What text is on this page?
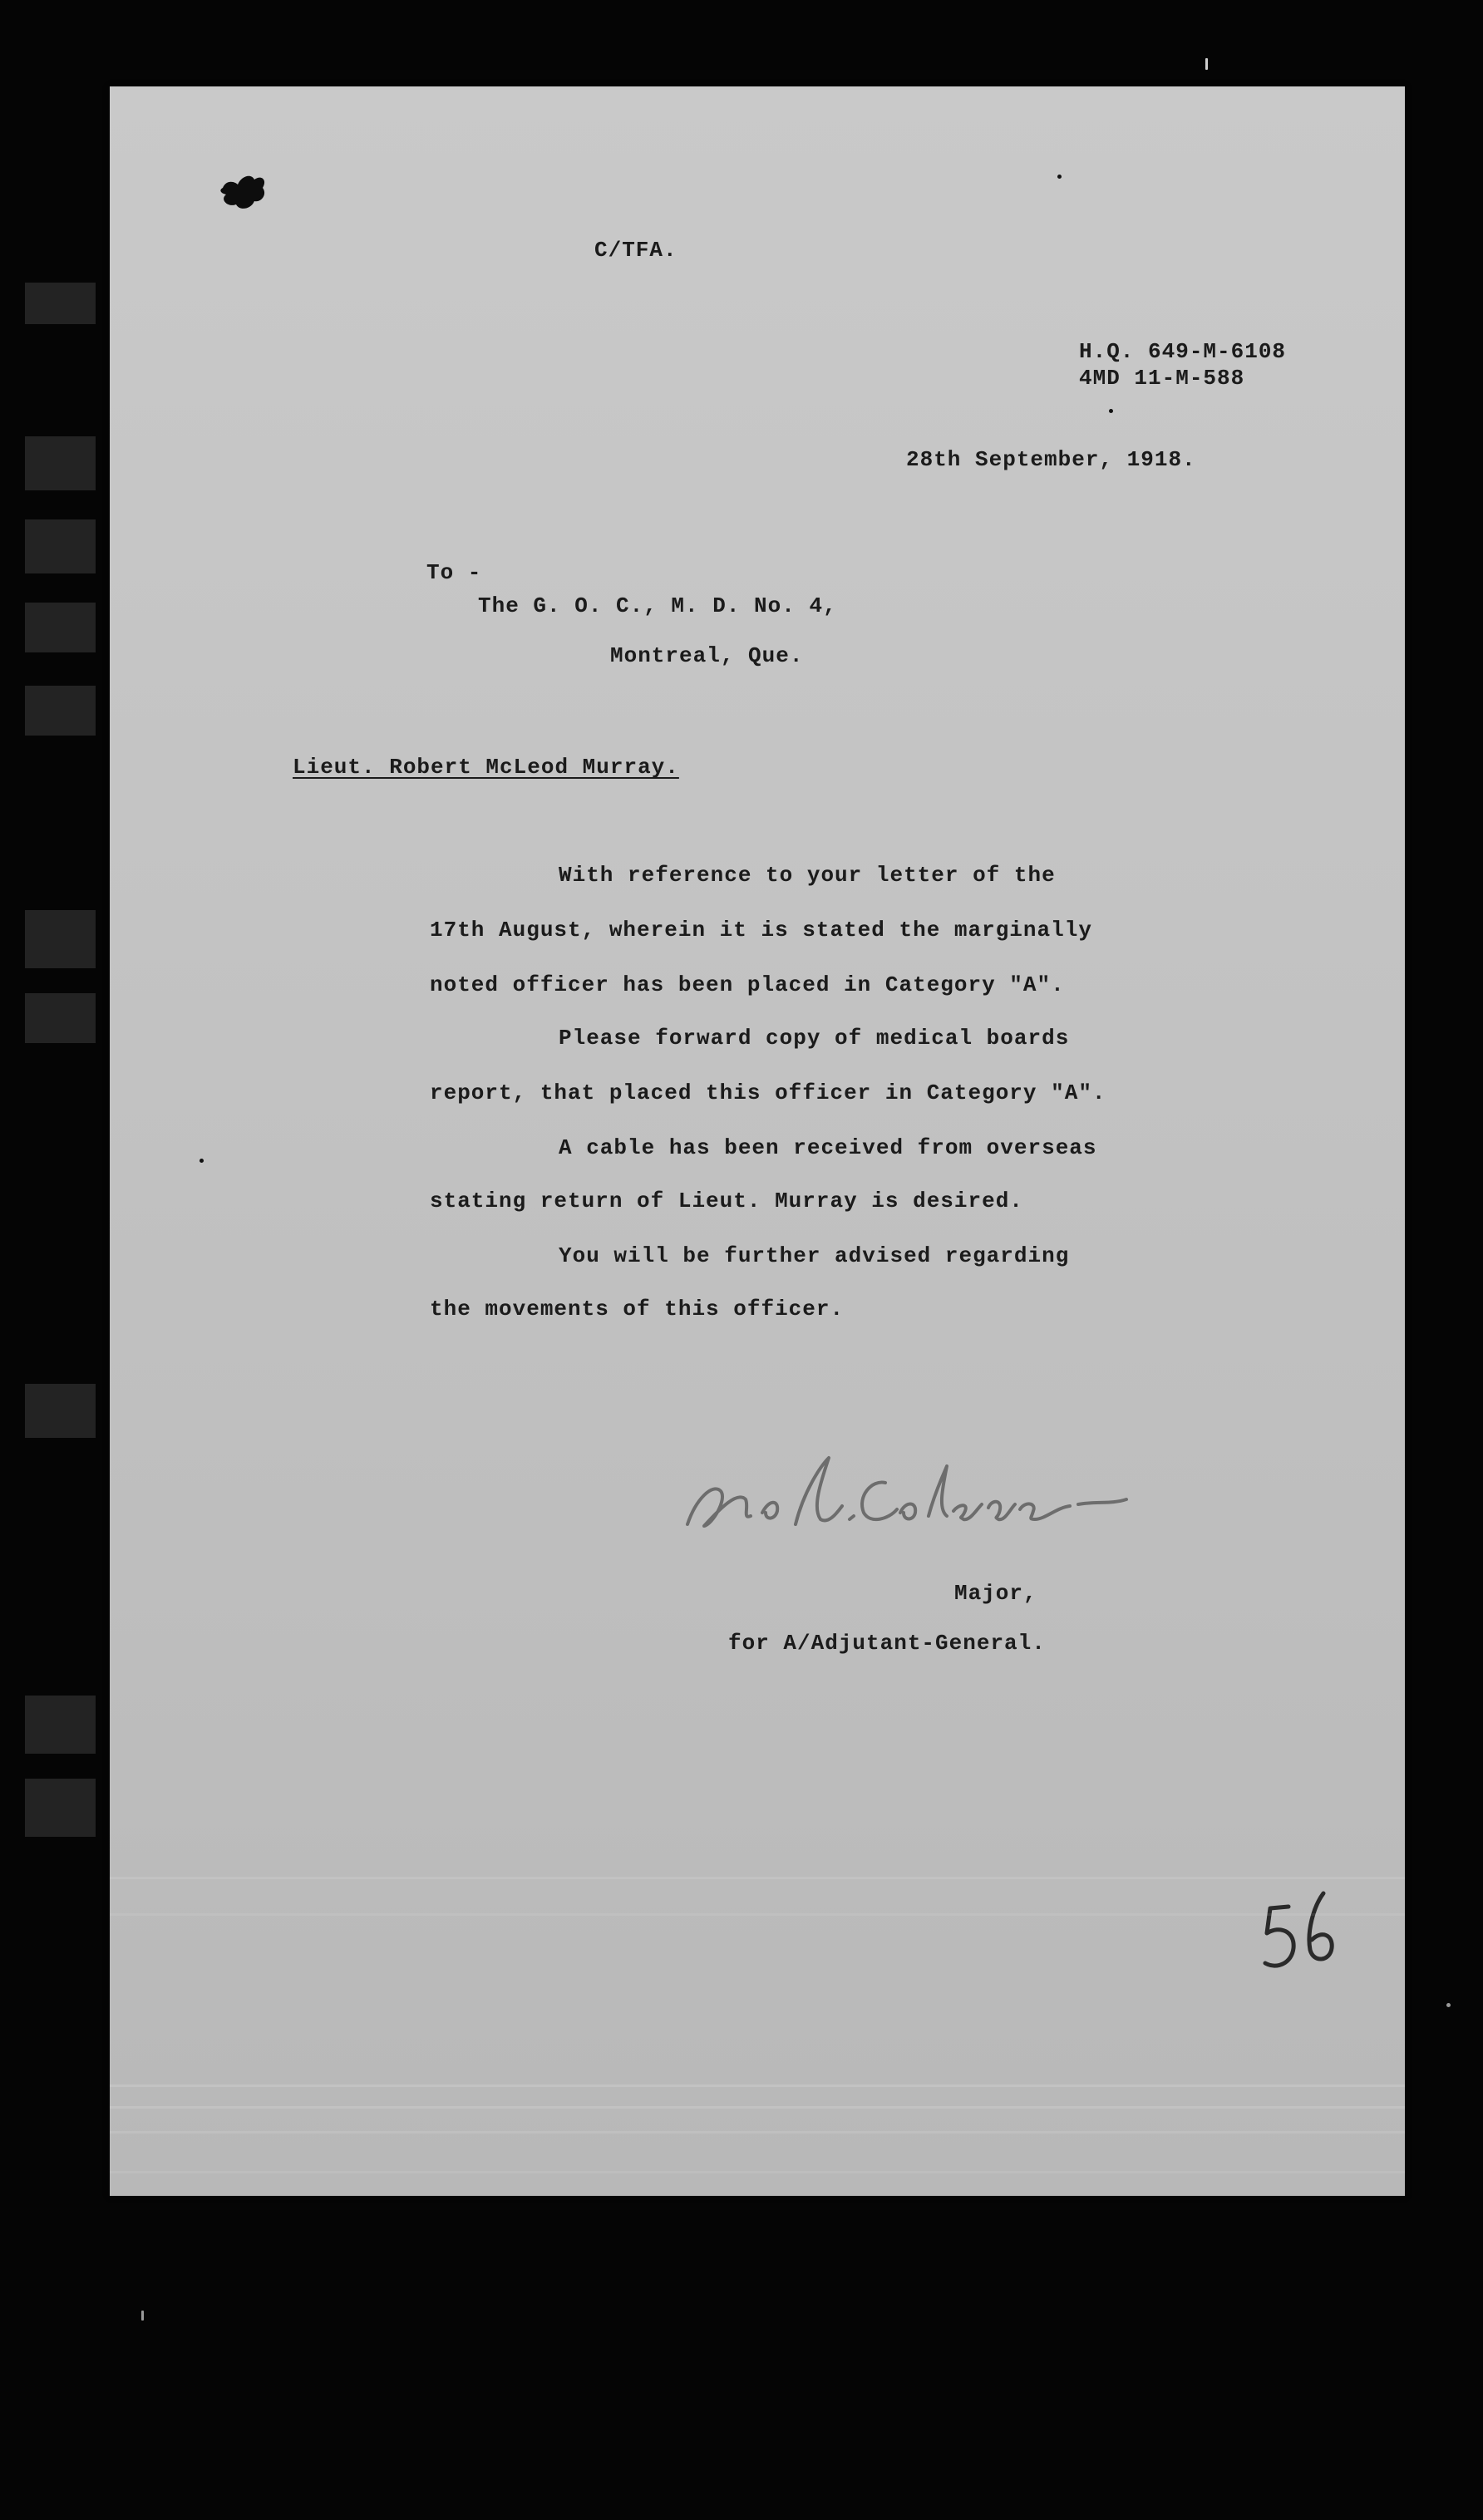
C/TFA.
H.Q. 649-M-6108
4MD 11-M-588
28th September, 1918.
To -
The G. O. C., M. D. No. 4,
Montreal, Que.
Lieut. Robert McLeod Murray.
With reference to your letter of the
17th August, wherein it is stated the marginally
noted officer has been placed in Category "A".
Please forward copy of medical boards
report, that placed this officer in Category "A".
A cable has been received from overseas
stating return of Lieut. Murray is desired.
You will be further advised regarding
the movements of this officer.
Major,
for A/Adjutant-General.
